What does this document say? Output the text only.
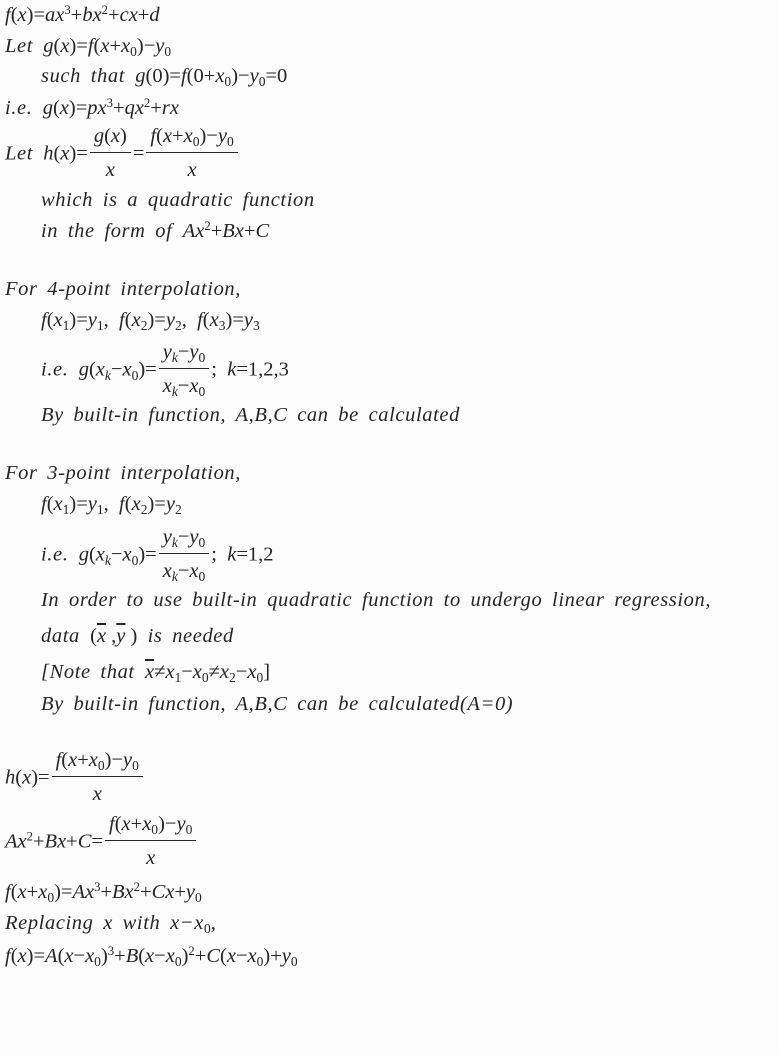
$f(x)=ax^3+bx^2+cx+d$
Let $g(x)=f(x+x_0)-y_0$
such that $g(0)=f(0+x_0)-y_0=0$
i.e. $g(x)=px^3+qx^2+rx$
Let $h(x)= \frac{g(x)}{x} = \frac{f(x+x_0)-y_0}{x}$
which is a quadratic function
in the form of $Ax^2+Bx+C$
For 4-point interpolation,
$f(x_1)=y_1$,  $f(x_2)=y_2$,  $f(x_3)=y_3$
i.e. $g(x_k-x_0)= \frac{y_k-y_0}{x_k-x_0}$ ;  k=1,2,3
By built-in function, A,B,C can be calculated
For 3-point interpolation,
$f(x_1)=y_1$,  $f(x_2)=y_2$
i.e. $g(x_k-x_0)= \frac{y_k-y_0}{x_k-x_0}$ ;  k=1,2
In order to use built-in quadratic function to undergo linear regression,
data  ($\overline{x}$ $,\overline{y}$ )  is needed
[Note that $\overline{x}\ne x_1-x_0\ne x_2-x_0$]
By built-in function, A,B,C can be calculated(A=0)
$h(x)= \frac{f(x+x_0)-y_0}{x}$
$Ax^2+Bx+C= \frac{f(x+x_0)-y_0}{x}$
$f(x+x_0)=Ax^3+Bx^2+Cx+y_0$
Replacing x with $x-x_0$,
$f(x)=A(x-x_0)^3+B(x-x_0)^2+C(x-x_0)+y_0$
